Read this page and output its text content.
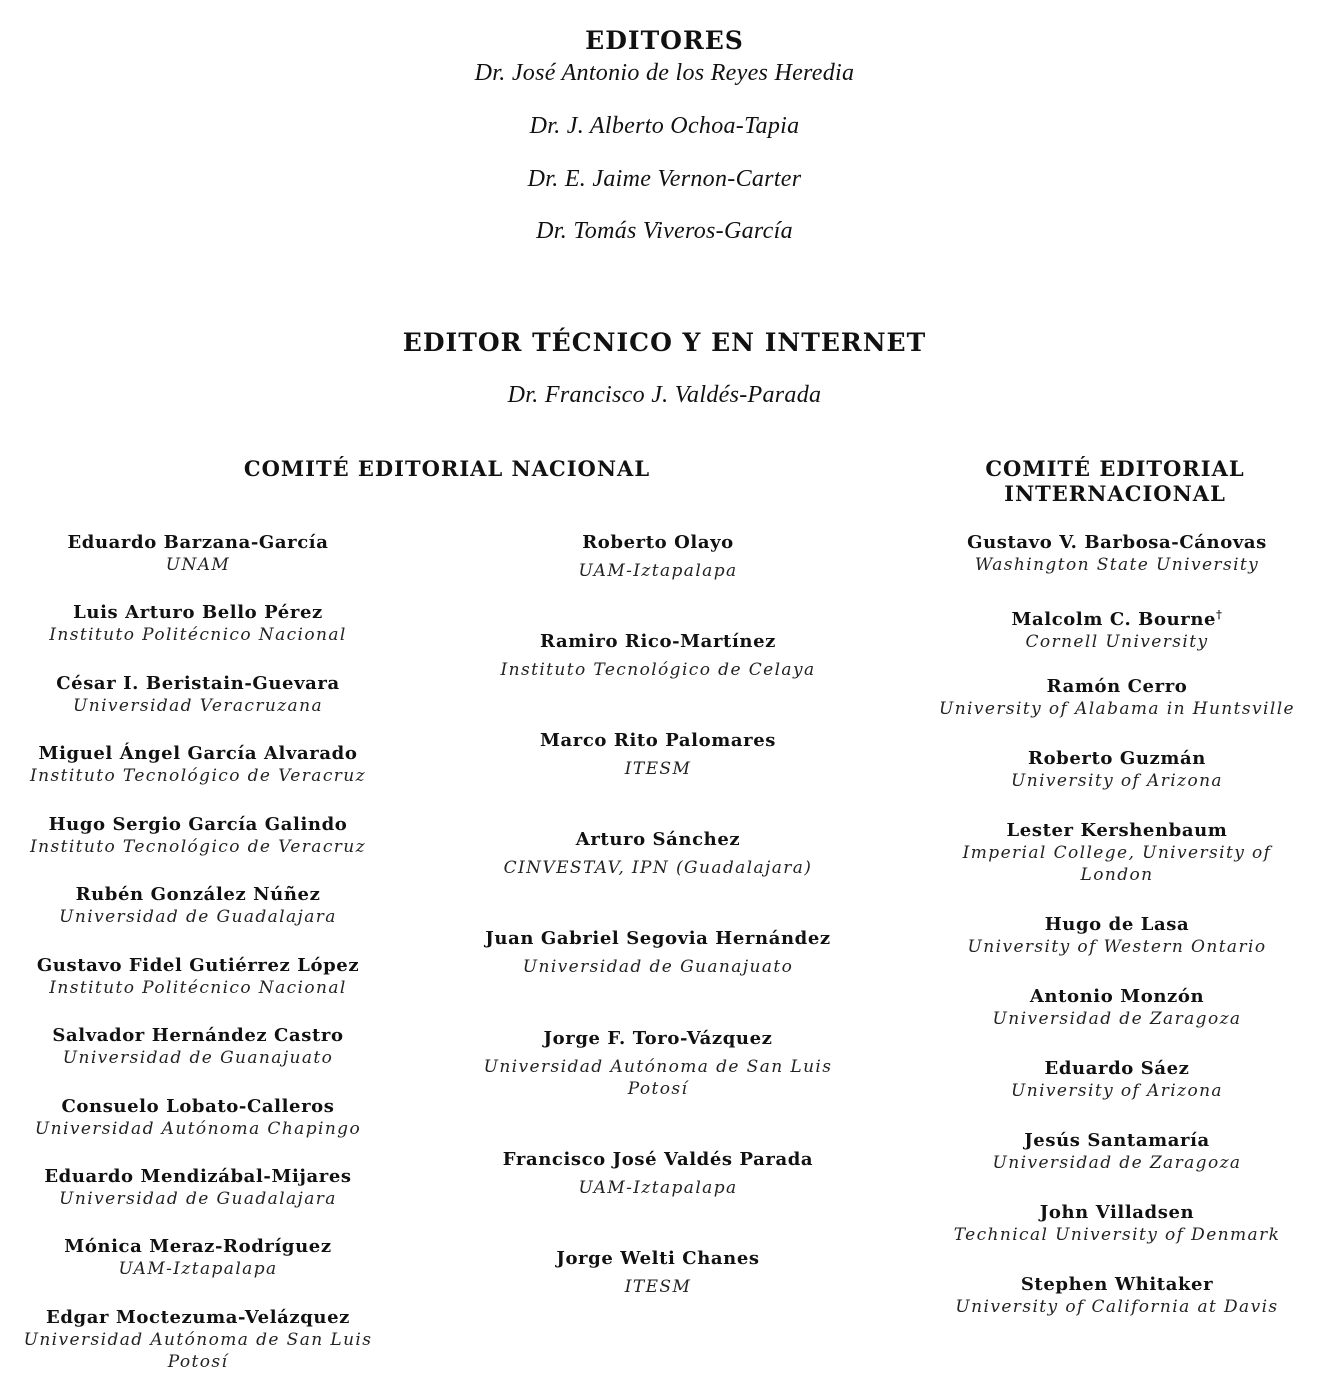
EDITORES
Dr. José Antonio de los Reyes Heredia
Dr. J. Alberto Ochoa-Tapia
Dr. E. Jaime Vernon-Carter
Dr. Tomás Viveros-García
EDITOR TÉCNICO Y EN INTERNET
Dr. Francisco J. Valdés-Parada
COMITÉ EDITORIAL NACIONAL	COMITÉ EDITORIAL
INTERNACIONAL
Eduardo Barzana-García
UNAM
Luis Arturo Bello Pérez
Instituto Politécnico Nacional
César I. Beristain-Guevara
Universidad Veracruzana
Miguel Ángel García Alvarado
Instituto Tecnológico de Veracruz
Hugo Sergio García Galindo
Instituto Tecnológico de Veracruz
Rubén González Núñez
Universidad de Guadalajara
Gustavo Fidel Gutiérrez López
Instituto Politécnico Nacional
Salvador Hernández Castro
Universidad de Guanajuato
Consuelo Lobato-Calleros
Universidad Autónoma Chapingo
Eduardo Mendizábal-Mijares
Universidad de Guadalajara
Mónica Meraz-Rodríguez
UAM-Iztapalapa
Edgar Moctezuma-Velázquez
Universidad Autónoma de San Luis
Potosí
Roberto Olayo
UAM-Iztapalapa
Ramiro Rico-Martínez
Instituto Tecnológico de Celaya
Marco Rito Palomares
ITESM
Arturo Sánchez
CINVESTAV, IPN (Guadalajara)
Juan Gabriel Segovia Hernández
Universidad de Guanajuato
Jorge F. Toro-Vázquez
Universidad Autónoma de San Luis
Potosí
Francisco José Valdés Parada
UAM-Iztapalapa
Jorge Welti Chanes
ITESM
Gustavo V. Barbosa-Cánovas
Washington State University
Malcolm C. Bourne†
Cornell University
Ramón Cerro
University of Alabama in Huntsville
Roberto Guzmán
University of Arizona
Lester Kershenbaum
Imperial College, University of
London
Hugo de Lasa
University of Western Ontario
Antonio Monzón
Universidad de Zaragoza
Eduardo Sáez
University of Arizona
Jesús Santamaría
Universidad de Zaragoza
John Villadsen
Technical University of Denmark
Stephen Whitaker
University of California at Davis
